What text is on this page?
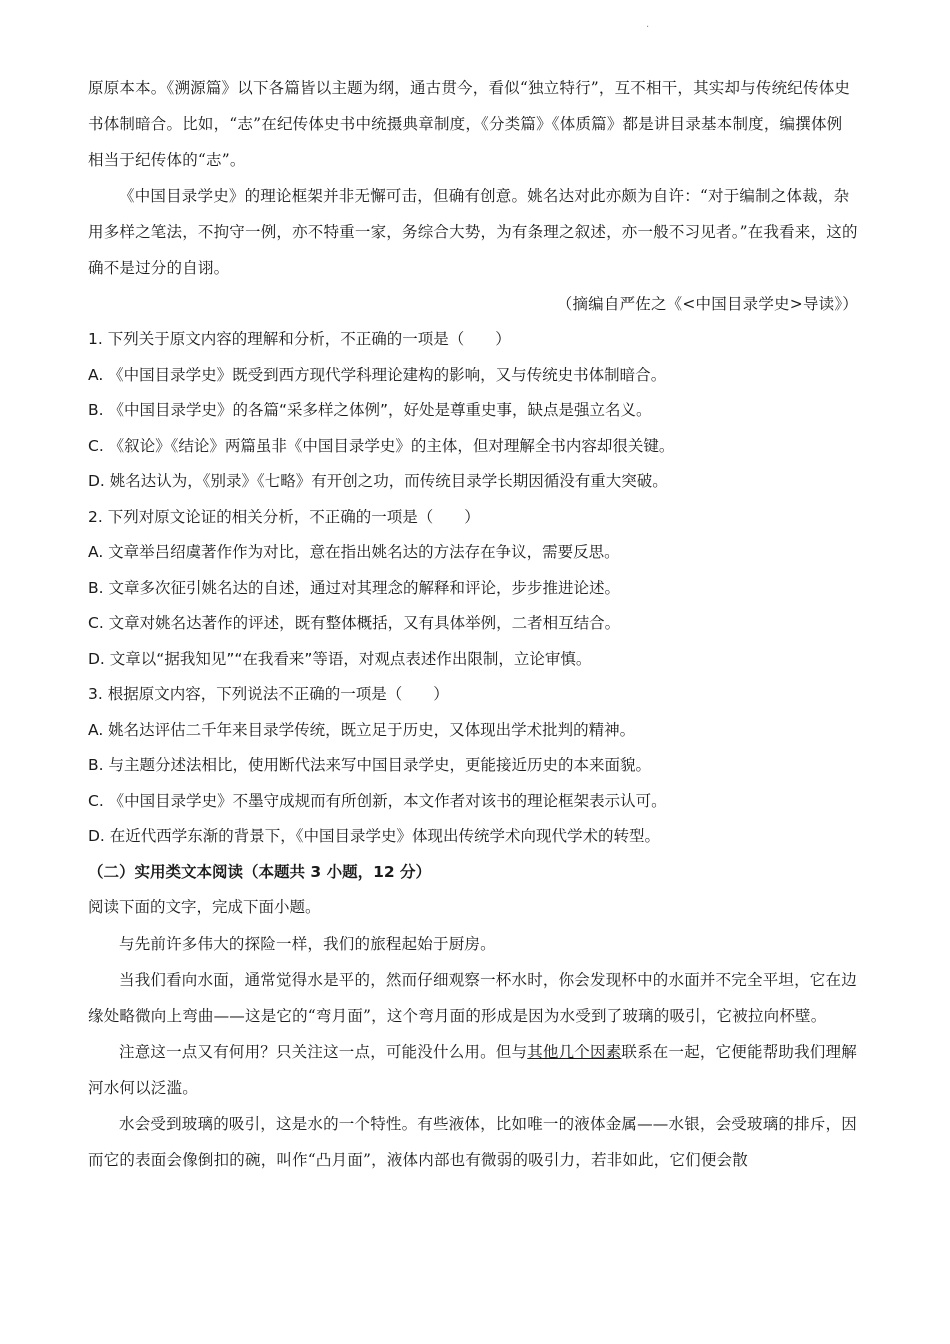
·

原原本本。《溯源篇》以下各篇皆以主题为纲，通古贯今，看似“独立特行”，互不相干，其实却与传统纪传体史书体制暗合。比如，“志”在纪传体史书中统摄典章制度，《分类篇》《体质篇》都是讲目录基本制度，编撰体例相当于纪传体的“志”。

《中国目录学史》的理论框架并非无懈可击，但确有创意。姚名达对此亦颇为自许：“对于编制之体裁，杂用多样之笔法，不拘守一例，亦不特重一家，务综合大势，为有条理之叙述，亦一般不习见者。”在我看来，这的确不是过分的自诩。

（摘编自严佐之《<中国目录学史>导读》）

1. 下列关于原文内容的理解和分析，不正确的一项是（　　）

A. 《中国目录学史》既受到西方现代学科理论建构的影响，又与传统史书体制暗合。

B. 《中国目录学史》的各篇“采多样之体例”，好处是尊重史事，缺点是强立名义。

C. 《叙论》《结论》两篇虽非《中国目录学史》的主体，但对理解全书内容却很关键。

D. 姚名达认为，《别录》《七略》有开创之功，而传统目录学长期因循没有重大突破。

2. 下列对原文论证的相关分析，不正确的一项是（　　）

A. 文章举吕绍虞著作作为对比，意在指出姚名达的方法存在争议，需要反思。

B. 文章多次征引姚名达的自述，通过对其理念的解释和评论，步步推进论述。

C. 文章对姚名达著作的评述，既有整体概括，又有具体举例，二者相互结合。

D. 文章以“据我知见”“在我看来”等语，对观点表述作出限制，立论审慎。

3. 根据原文内容，下列说法不正确的一项是（　　）

A. 姚名达评估二千年来目录学传统，既立足于历史，又体现出学术批判的精神。

B. 与主题分述法相比，使用断代法来写中国目录学史，更能接近历史的本来面貌。

C. 《中国目录学史》不墨守成规而有所创新，本文作者对该书的理论框架表示认可。

D. 在近代西学东渐的背景下，《中国目录学史》体现出传统学术向现代学术的转型。

（二）实用类文本阅读（本题共 3 小题，12 分）

阅读下面的文字，完成下面小题。

与先前许多伟大的探险一样，我们的旅程起始于厨房。

当我们看向水面，通常觉得水是平的，然而仔细观察一杯水时，你会发现杯中的水面并不完全平坦，它在边缘处略微向上弯曲——这是它的“弯月面”，这个弯月面的形成是因为水受到了玻璃的吸引，它被拉向杯壁。

注意这一点又有何用？只关注这一点，可能没什么用。但与其他几个因素联系在一起，它便能帮助我们理解河水何以泛滥。

水会受到玻璃的吸引，这是水的一个特性。有些液体，比如唯一的液体金属——水银，会受玻璃的排斥，因而它的表面会像倒扣的碗，叫作“凸月面”，液体内部也有微弱的吸引力，若非如此，它们便会散
